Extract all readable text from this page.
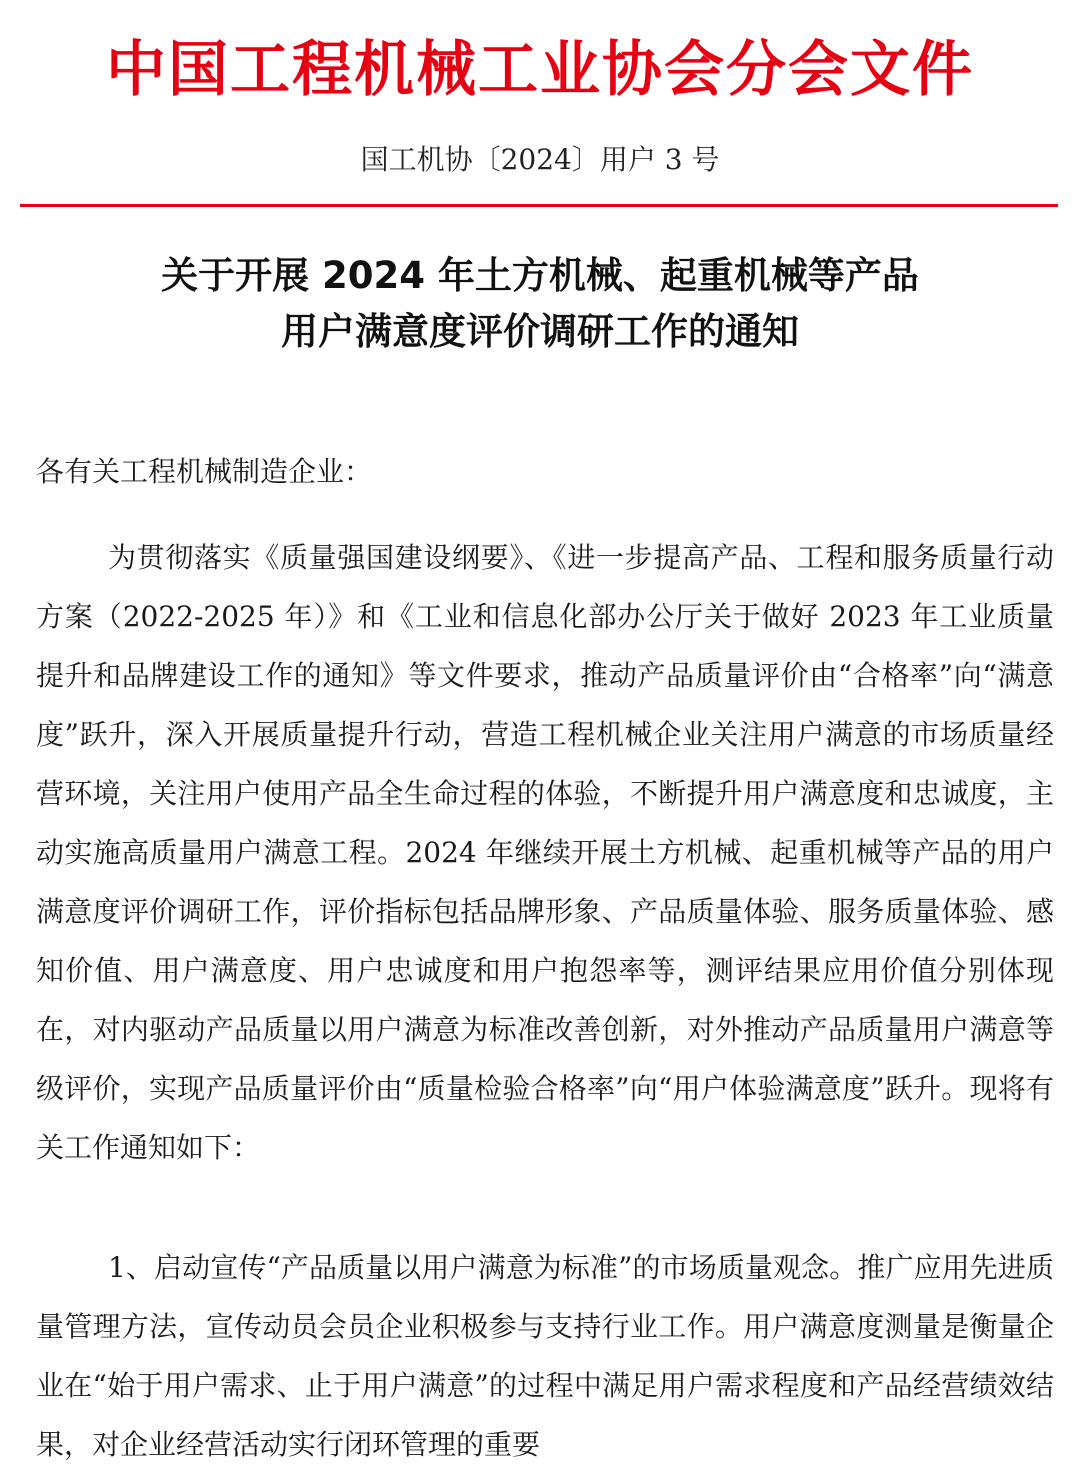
中国工程机械工业协会分会文件
国工机协〔2024〕用户 3 号
关于开展 2024 年土方机械、起重机械等产品
用户满意度评价调研工作的通知
各有关工程机械制造企业：
为贯彻落实《质量强国建设纲要》、《进一步提高产品、工程和服务质量行动方案（2022-2025 年）》和《工业和信息化部办公厅关于做好 2023 年工业质量提升和品牌建设工作的通知》等文件要求，推动产品质量评价由“合格率”向“满意度”跃升，深入开展质量提升行动，营造工程机械企业关注用户满意的市场质量经营环境，关注用户使用产品全生命过程的体验，不断提升用户满意度和忠诚度，主动实施高质量用户满意工程。2024 年继续开展土方机械、起重机械等产品的用户满意度评价调研工作，评价指标包括品牌形象、产品质量体验、服务质量体验、感知价值、用户满意度、用户忠诚度和用户抱怨率等，测评结果应用价值分别体现在，对内驱动产品质量以用户满意为标准改善创新，对外推动产品质量用户满意等级评价，实现产品质量评价由“质量检验合格率”向“用户体验满意度”跃升。现将有关工作通知如下：
1、启动宣传“产品质量以用户满意为标准”的市场质量观念。推广应用先进质量管理方法，宣传动员会员企业积极参与支持行业工作。用户满意度测量是衡量企业在“始于用户需求、止于用户满意”的过程中满足用户需求程度和产品经营绩效结果，对企业经营活动实行闭环管理的重要
